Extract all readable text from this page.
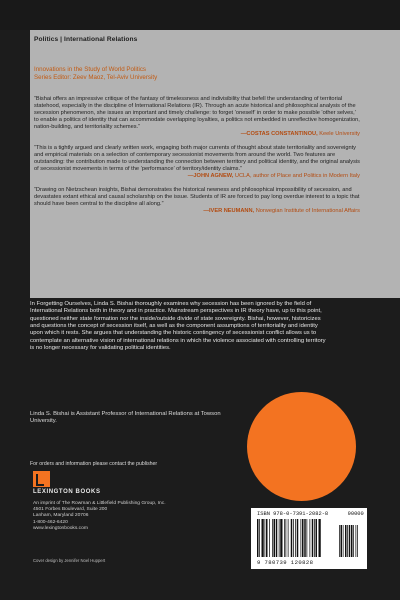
Politics | International Relations
Innovations in the Study of World Politics
Series Editor: Zeev Maoz, Tel-Aviv University

“Bishai offers an impressive critique of the fantasy of timelessness and indivisibility that befell the understanding of territorial statehood, especially in the discipline of International Relations (IR). Through an acute historical and philosophical analysis of the secession phenomenon, she issues an important and timely challenge: to forget ‘oneself’ in order to make possible ‘other selves,’ to enable a politics of identity that can accommodate overlapping loyalties, a politics not embedded in unreflective homogenization, nation-building, and territoriality schemes.”

—COSTAS CONSTANTINOU, Keele University

“This is a tightly argued and clearly written work, engaging both major currents of thought about state territoriality and sovereignty and empirical materials on a selection of contemporary secessionist movements from around the world. Two features are outstanding: the contribution made to understanding the connection between territory and political identity, and the original analysis of secessionist movements in terms of the ‘performance’ of territory/identity claims.”

—JOHN AGNEW, UCLA, author of Place and Politics in Modern Italy

“Drawing on Nietzschean insights, Bishai demonstrates the historical newness and philosophical impossibility of secession, and devastates extant ethical and causal scholarship on the issue. Students of IR are forced to pay long overdue interest to a topic that should have been central to the discipline all along.”

—IVER NEUMANN, Norwegian Institute of International Affairs

In Forgetting Ourselves, Linda S. Bishai thoroughly examines why secession has been ignored by the field of International Relations both in theory and in practice. Mainstream perspectives in IR theory have, up to this point, questioned neither state formation nor the inside/outside divide of state sovereignty. Bishai, however, historicizes and questions the concept of secession itself, as well as the component assumptions of territoriality and identity upon which it rests. She argues that understanding the historic contingency of secessionist conflict allows us to contemplate an alternative vision of international relations in which the violence associated with controlling territory is no longer necessary for validating political identities.

Linda S. Bishai is Assistant Professor of International Relations at Towson University.
For orders and information please contact the publisher
LEXINGTON BOOKS
An imprint of The Rowman & Littlefield Publishing Group, Inc.
4501 Forbes Boulevard, Suite 200
Lanham, Maryland 20706
1-800-462-6420
www.lexingtonbooks.com
Cover design by Jennifer Noel Huppert
ISBN 978-0-7391-2082-8	90000
9 780739 120828
